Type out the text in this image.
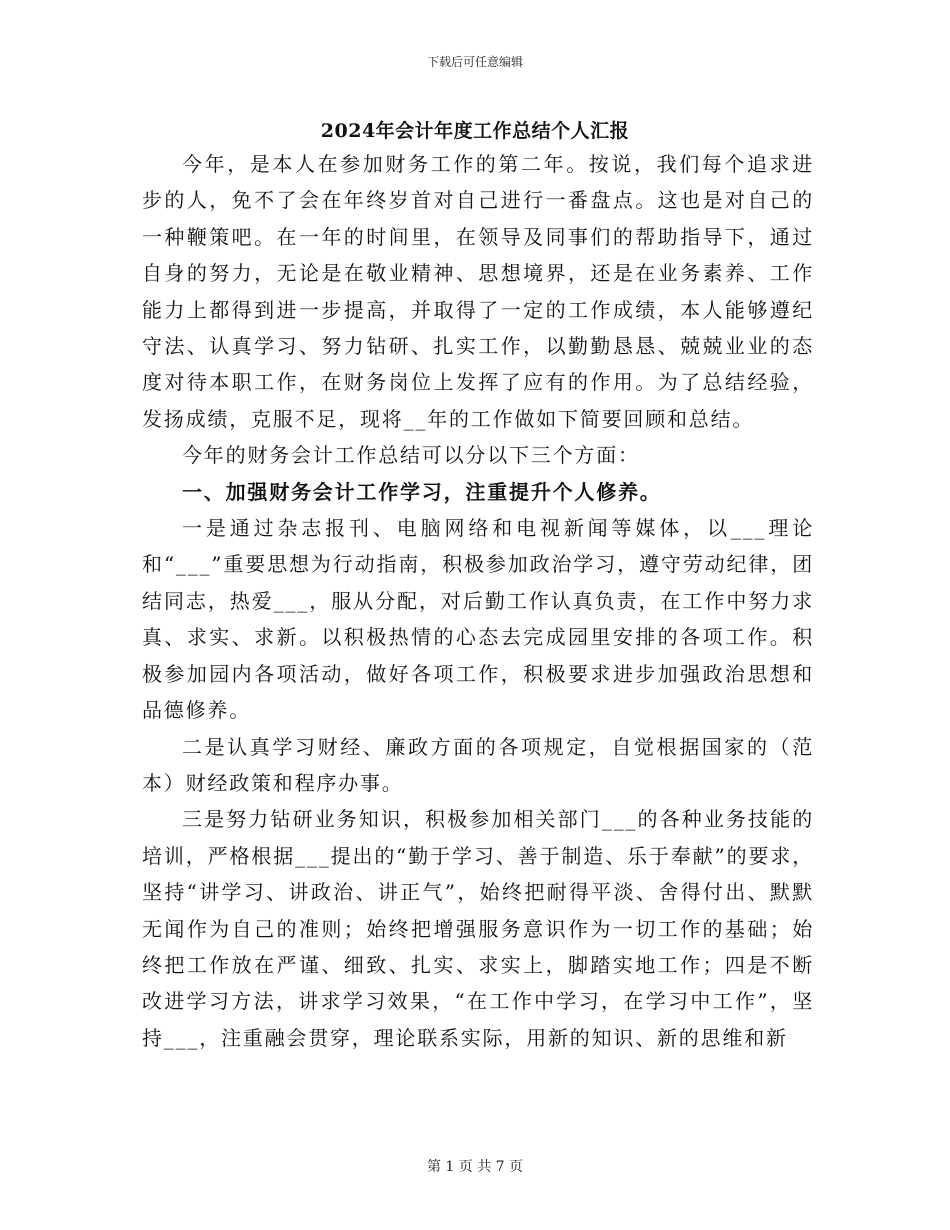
下载后可任意编辑
2024年会计年度工作总结个人汇报

今年，是本人在参加财务工作的第二年。按说，我们每个追求进步的人，免不了会在年终岁首对自己进行一番盘点。这也是对自己的一种鞭策吧。在一年的时间里，在领导及同事们的帮助指导下，通过自身的努力，无论是在敬业精神、思想境界，还是在业务素养、工作能力上都得到进一步提高，并取得了一定的工作成绩，本人能够遵纪守法、认真学习、努力钻研、扎实工作，以勤勤恳恳、兢兢业业的态度对待本职工作，在财务岗位上发挥了应有的作用。为了总结经验，发扬成绩，克服不足，现将__年的工作做如下简要回顾和总结。

今年的财务会计工作总结可以分以下三个方面：

一、加强财务会计工作学习，注重提升个人修养。

一是通过杂志报刊、电脑网络和电视新闻等媒体，以___理论和“___”重要思想为行动指南，积极参加政治学习，遵守劳动纪律，团结同志，热爱___，服从分配，对后勤工作认真负责，在工作中努力求真、求实、求新。以积极热情的心态去完成园里安排的各项工作。积极参加园内各项活动，做好各项工作，积极要求进步加强政治思想和品德修养。

二是认真学习财经、廉政方面的各项规定，自觉根据国家的（范本）财经政策和程序办事。

三是努力钻研业务知识，积极参加相关部门___的各种业务技能的培训，严格根据___提出的“勤于学习、善于制造、乐于奉献”的要求，坚持“讲学习、讲政治、讲正气”，始终把耐得平淡、舍得付出、默默无闻作为自己的准则；始终把增强服务意识作为一切工作的基础；始终把工作放在严谨、细致、扎实、求实上，脚踏实地工作；四是不断改进学习方法，讲求学习效果，“在工作中学习，在学习中工作”，坚持___，注重融会贯穿，理论联系实际，用新的知识、新的思维和新

第 1 页 共 7 页
